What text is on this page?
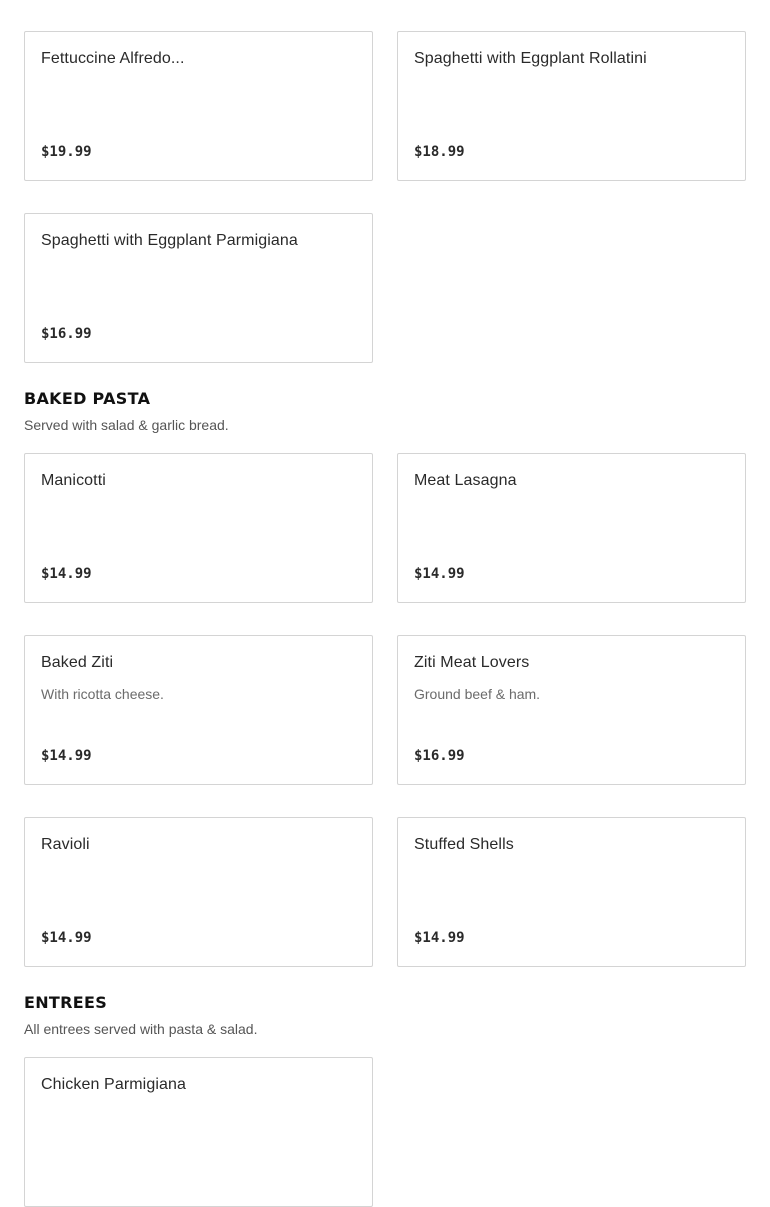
Fettuccine Alfredo...
$19.99
Spaghetti with Eggplant Rollatini
$18.99
Spaghetti with Eggplant Parmigiana
$16.99
BAKED PASTA
Served with salad & garlic bread.
Manicotti
$14.99
Meat Lasagna
$14.99
Baked Ziti
With ricotta cheese.
$14.99
Ziti Meat Lovers
Ground beef & ham.
$16.99
Ravioli
$14.99
Stuffed Shells
$14.99
ENTREES
All entrees served with pasta & salad.
Chicken Parmigiana
